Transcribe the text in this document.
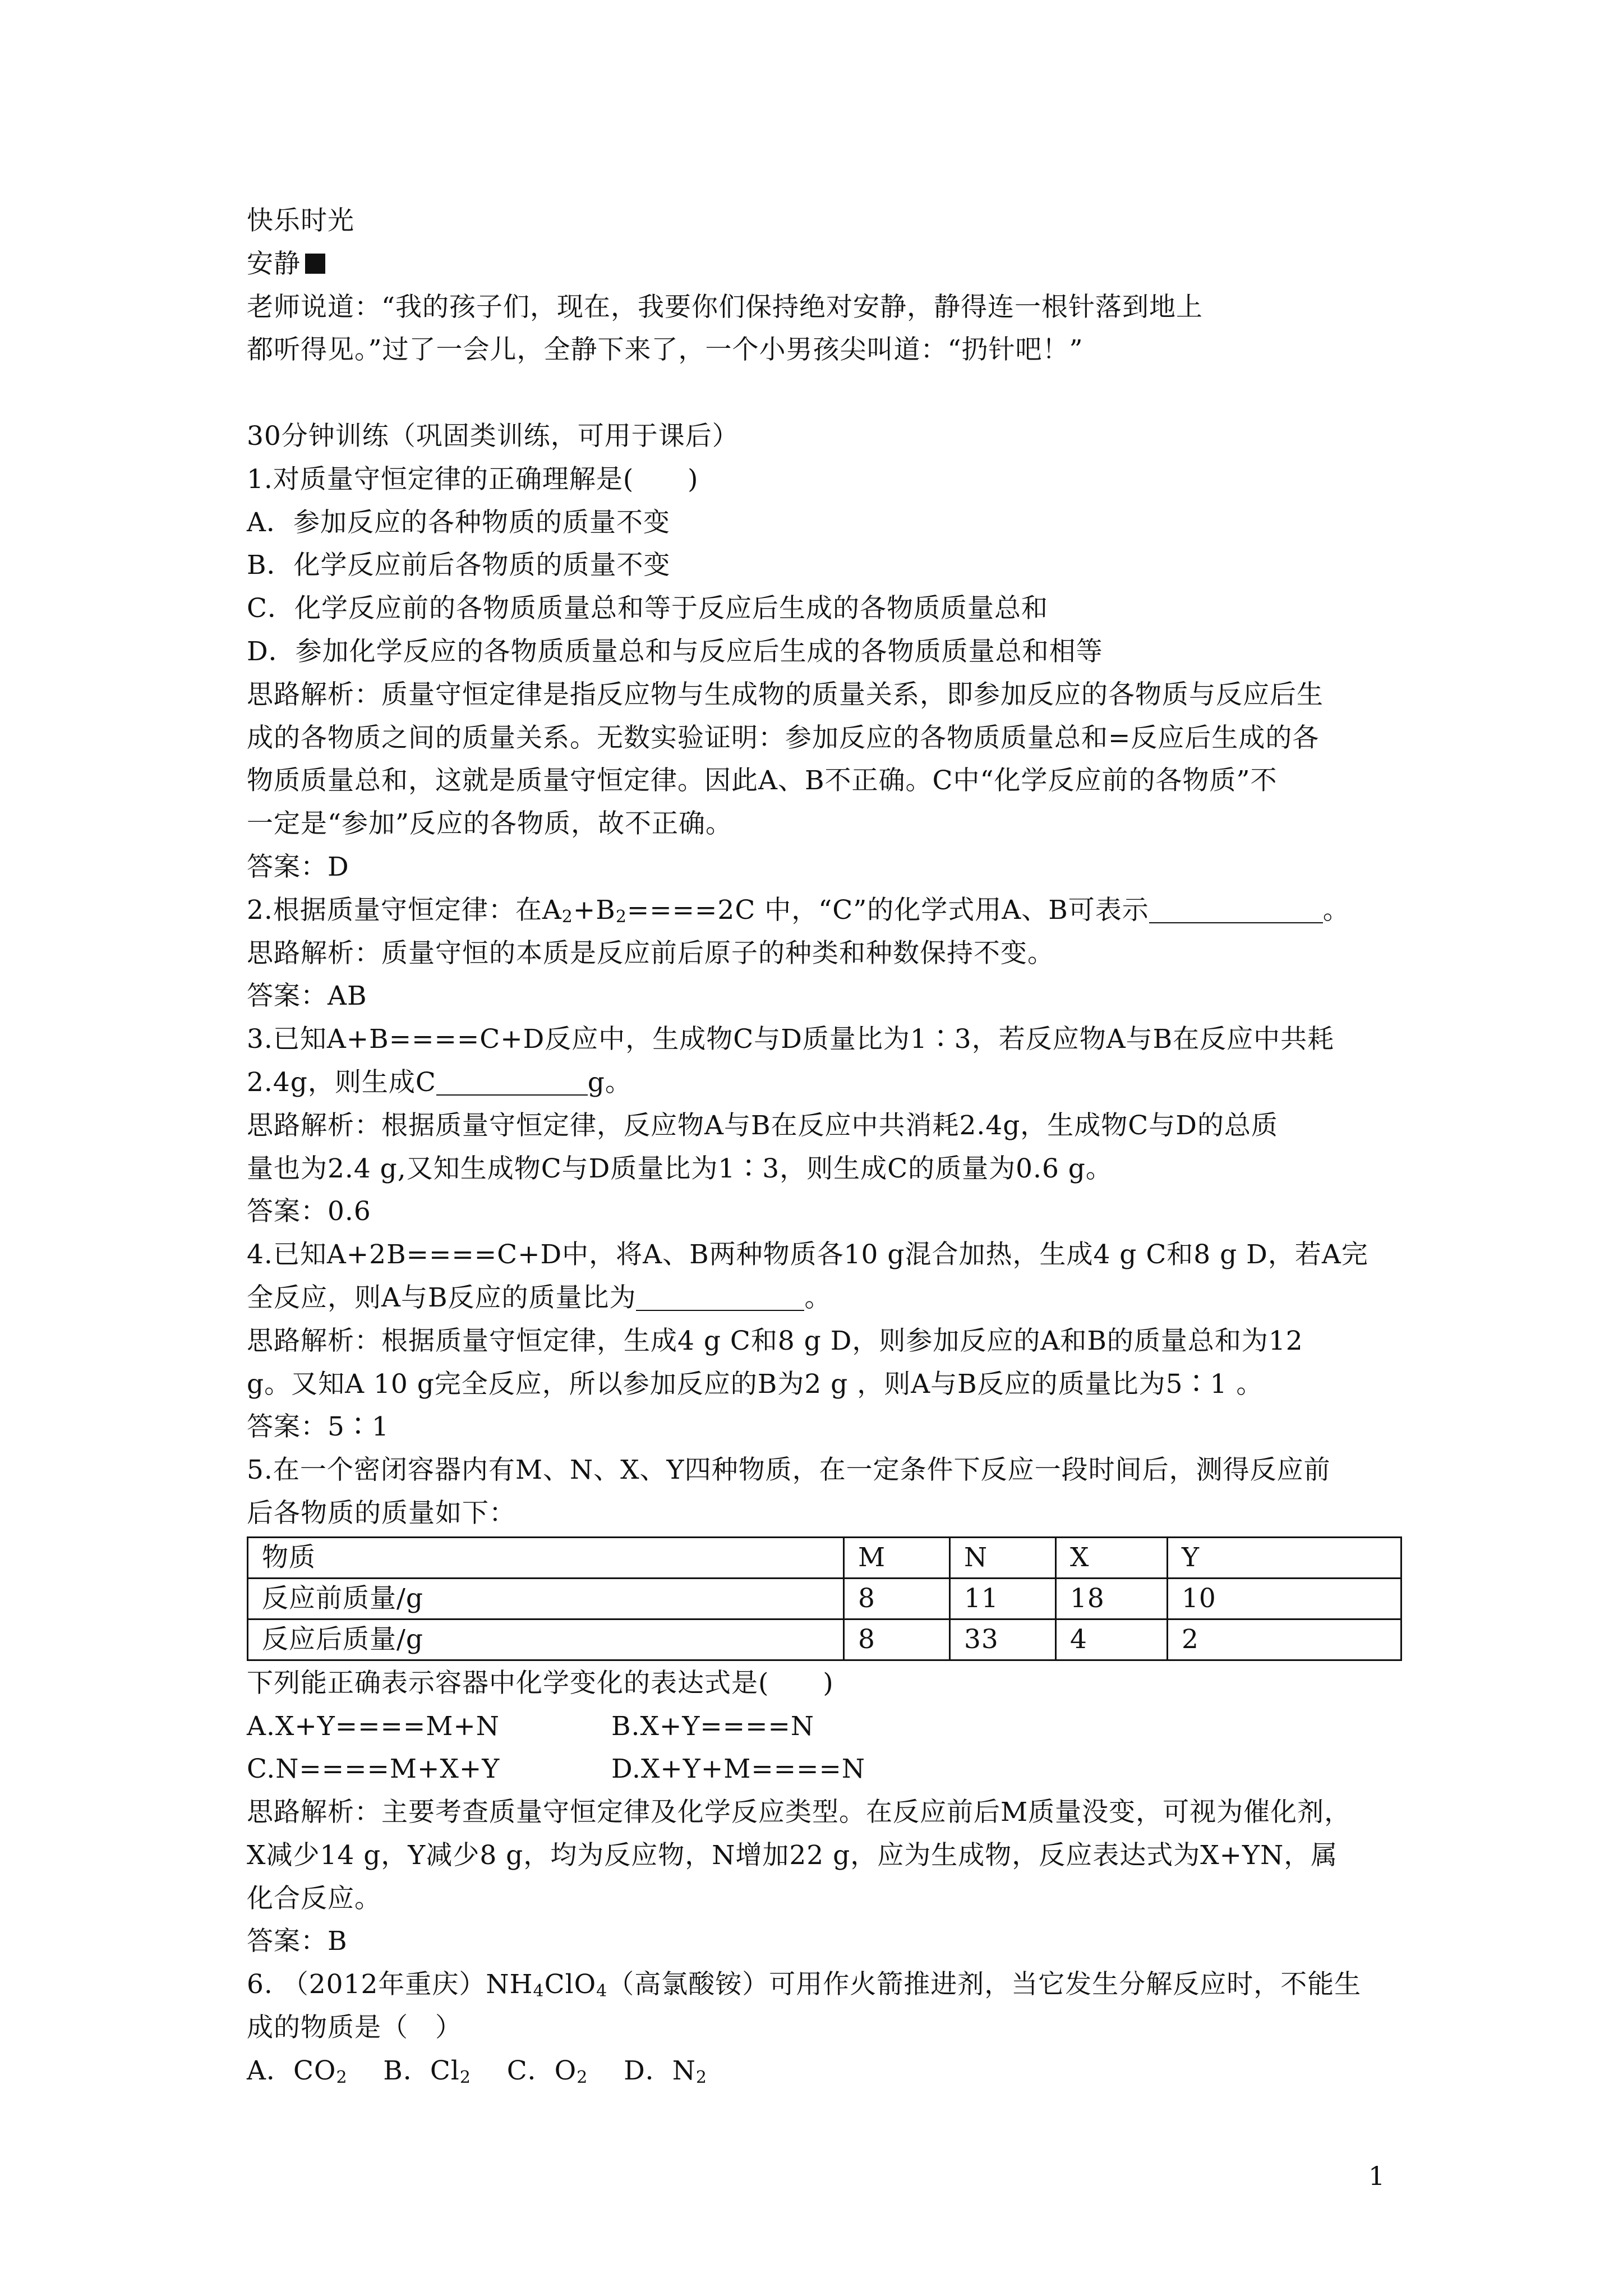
快乐时光
安静
老师说道：“我的孩子们，现在，我要你们保持绝对安静，静得连一根针落到地上
都听得见。”过了一会儿，全静下来了，一个小男孩尖叫道：“扔针吧！”
30分钟训练（巩固类训练，可用于课后）
1.对质量守恒定律的正确理解是(　　)
A．参加反应的各种物质的质量不变
B．化学反应前后各物质的质量不变
C．化学反应前的各物质质量总和等于反应后生成的各物质质量总和
D．参加化学反应的各物质质量总和与反应后生成的各物质质量总和相等
思路解析：质量守恒定律是指反应物与生成物的质量关系，即参加反应的各物质与反应后生
成的各物质之间的质量关系。无数实验证明：参加反应的各物质质量总和=反应后生成的各
物质质量总和，这就是质量守恒定律。因此A、B不正确。C中“化学反应前的各物质”不
一定是“参加”反应的各物质，故不正确。
答案：D
2.根据质量守恒定律：在$A_2+B_2====2C$ 中，“C”的化学式用A、B可表示	。
思路解析：质量守恒的本质是反应前后原子的种类和种数保持不变。
答案：AB
3.已知A+B====C+D反应中，生成物C与D质量比为1∶3，若反应物A与B在反应中共耗
2.4g，则生成C	g。
思路解析：根据质量守恒定律，反应物A与B在反应中共消耗2.4g，生成物C与D的总质
量也为2.4 g,又知生成物C与D质量比为1∶3，则生成C的质量为0.6 g。
答案：0.6
4.已知A+2B====C+D中，将A、B两种物质各10 g混合加热，生成4 g C和8 g D，若A完
全反应，则A与B反应的质量比为	。
思路解析：根据质量守恒定律，生成4 g C和8 g D，则参加反应的A和B的质量总和为12
g。又知A 10 g完全反应，所以参加反应的B为2 g ，则A与B反应的质量比为5∶1 。
答案：5∶1
5.在一个密闭容器内有M、N、X、Y四种物质，在一定条件下反应一段时间后，测得反应前
后各物质的质量如下：
物质	M	N	X	Y
反应前质量/g	8	11	18	10
反应后质量/g	8	33	4	2
下列能正确表示容器中化学变化的表达式是(　　)
A.X+Y====M+N	B.X+Y====N
C.N====M+X+Y	D.X+Y+M====N
思路解析：主要考查质量守恒定律及化学反应类型。在反应前后M质量没变，可视为催化剂，
X减少14 g，Y减少8 g，均为反应物，N增加22 g，应为生成物，反应表达式为X+YN，属
化合反应。
答案：B
6. （2012年重庆）$NH_4ClO_4$（高氯酸铵）可用作火箭推进剂，当它发生分解反应时，不能生
成的物质是（　）
A．$CO_2$ B．$Cl_2$ C．$O_2$ D．$N_2$
1
